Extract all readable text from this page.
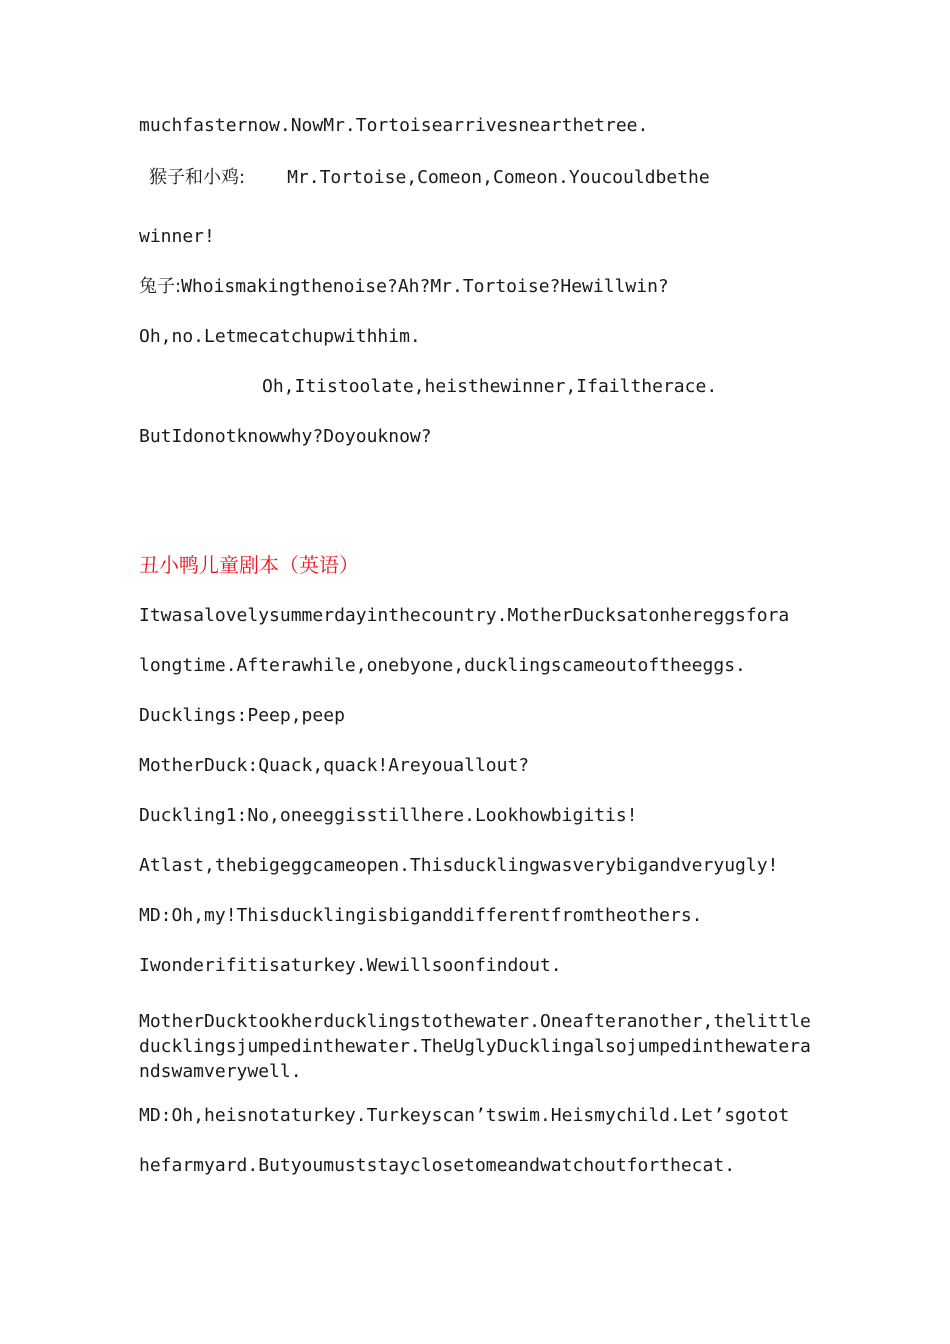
muchfasternow.NowMr.Tortoisearrivesnearthetree.
猴子和小鸡: Mr.Tortoise,Comeon,Comeon.Youcouldbethe
winner!
兔子:Whoismakingthenoise?Ah?Mr.Tortoise?Hewillwin?
Oh,no.Letmecatchupwithhim.
Oh,Itistoolate,heisthewinner,Ifailtherace.
ButIdonotknowwhy?Doyouknow?
丑小鸭儿童剧本（英语）
Itwasalovelysummerdayinthecountry.MotherDucksatonhereggsfora
longtime.Afterawhile,onebyone,ducklingscameoutoftheeggs.
Ducklings:Peep,peep
MotherDuck:Quack,quack!Areyouallout?
Duckling1:No,oneeggisstillhere.Lookhowbigitis!
Atlast,thebigeggcameopen.Thisducklingwasverybigandveryugly!
MD:Oh,my!Thisducklingisbiganddifferentfromtheothers.
Iwonderifitisaturkey.Wewillsoonfindout.
MotherDucktookherducklingstothewater.Oneafteranother,thelittleducklingsjumpedinthewater.TheUglyDucklingalsojumpedinthewaterandswamverywell.
MD:Oh,heisnotaturkey.Turkeyscan’tswim.Heismychild.Let’sgotot
hefarmyard.Butyoumuststayclosetomeandwatchoutforthecat.
